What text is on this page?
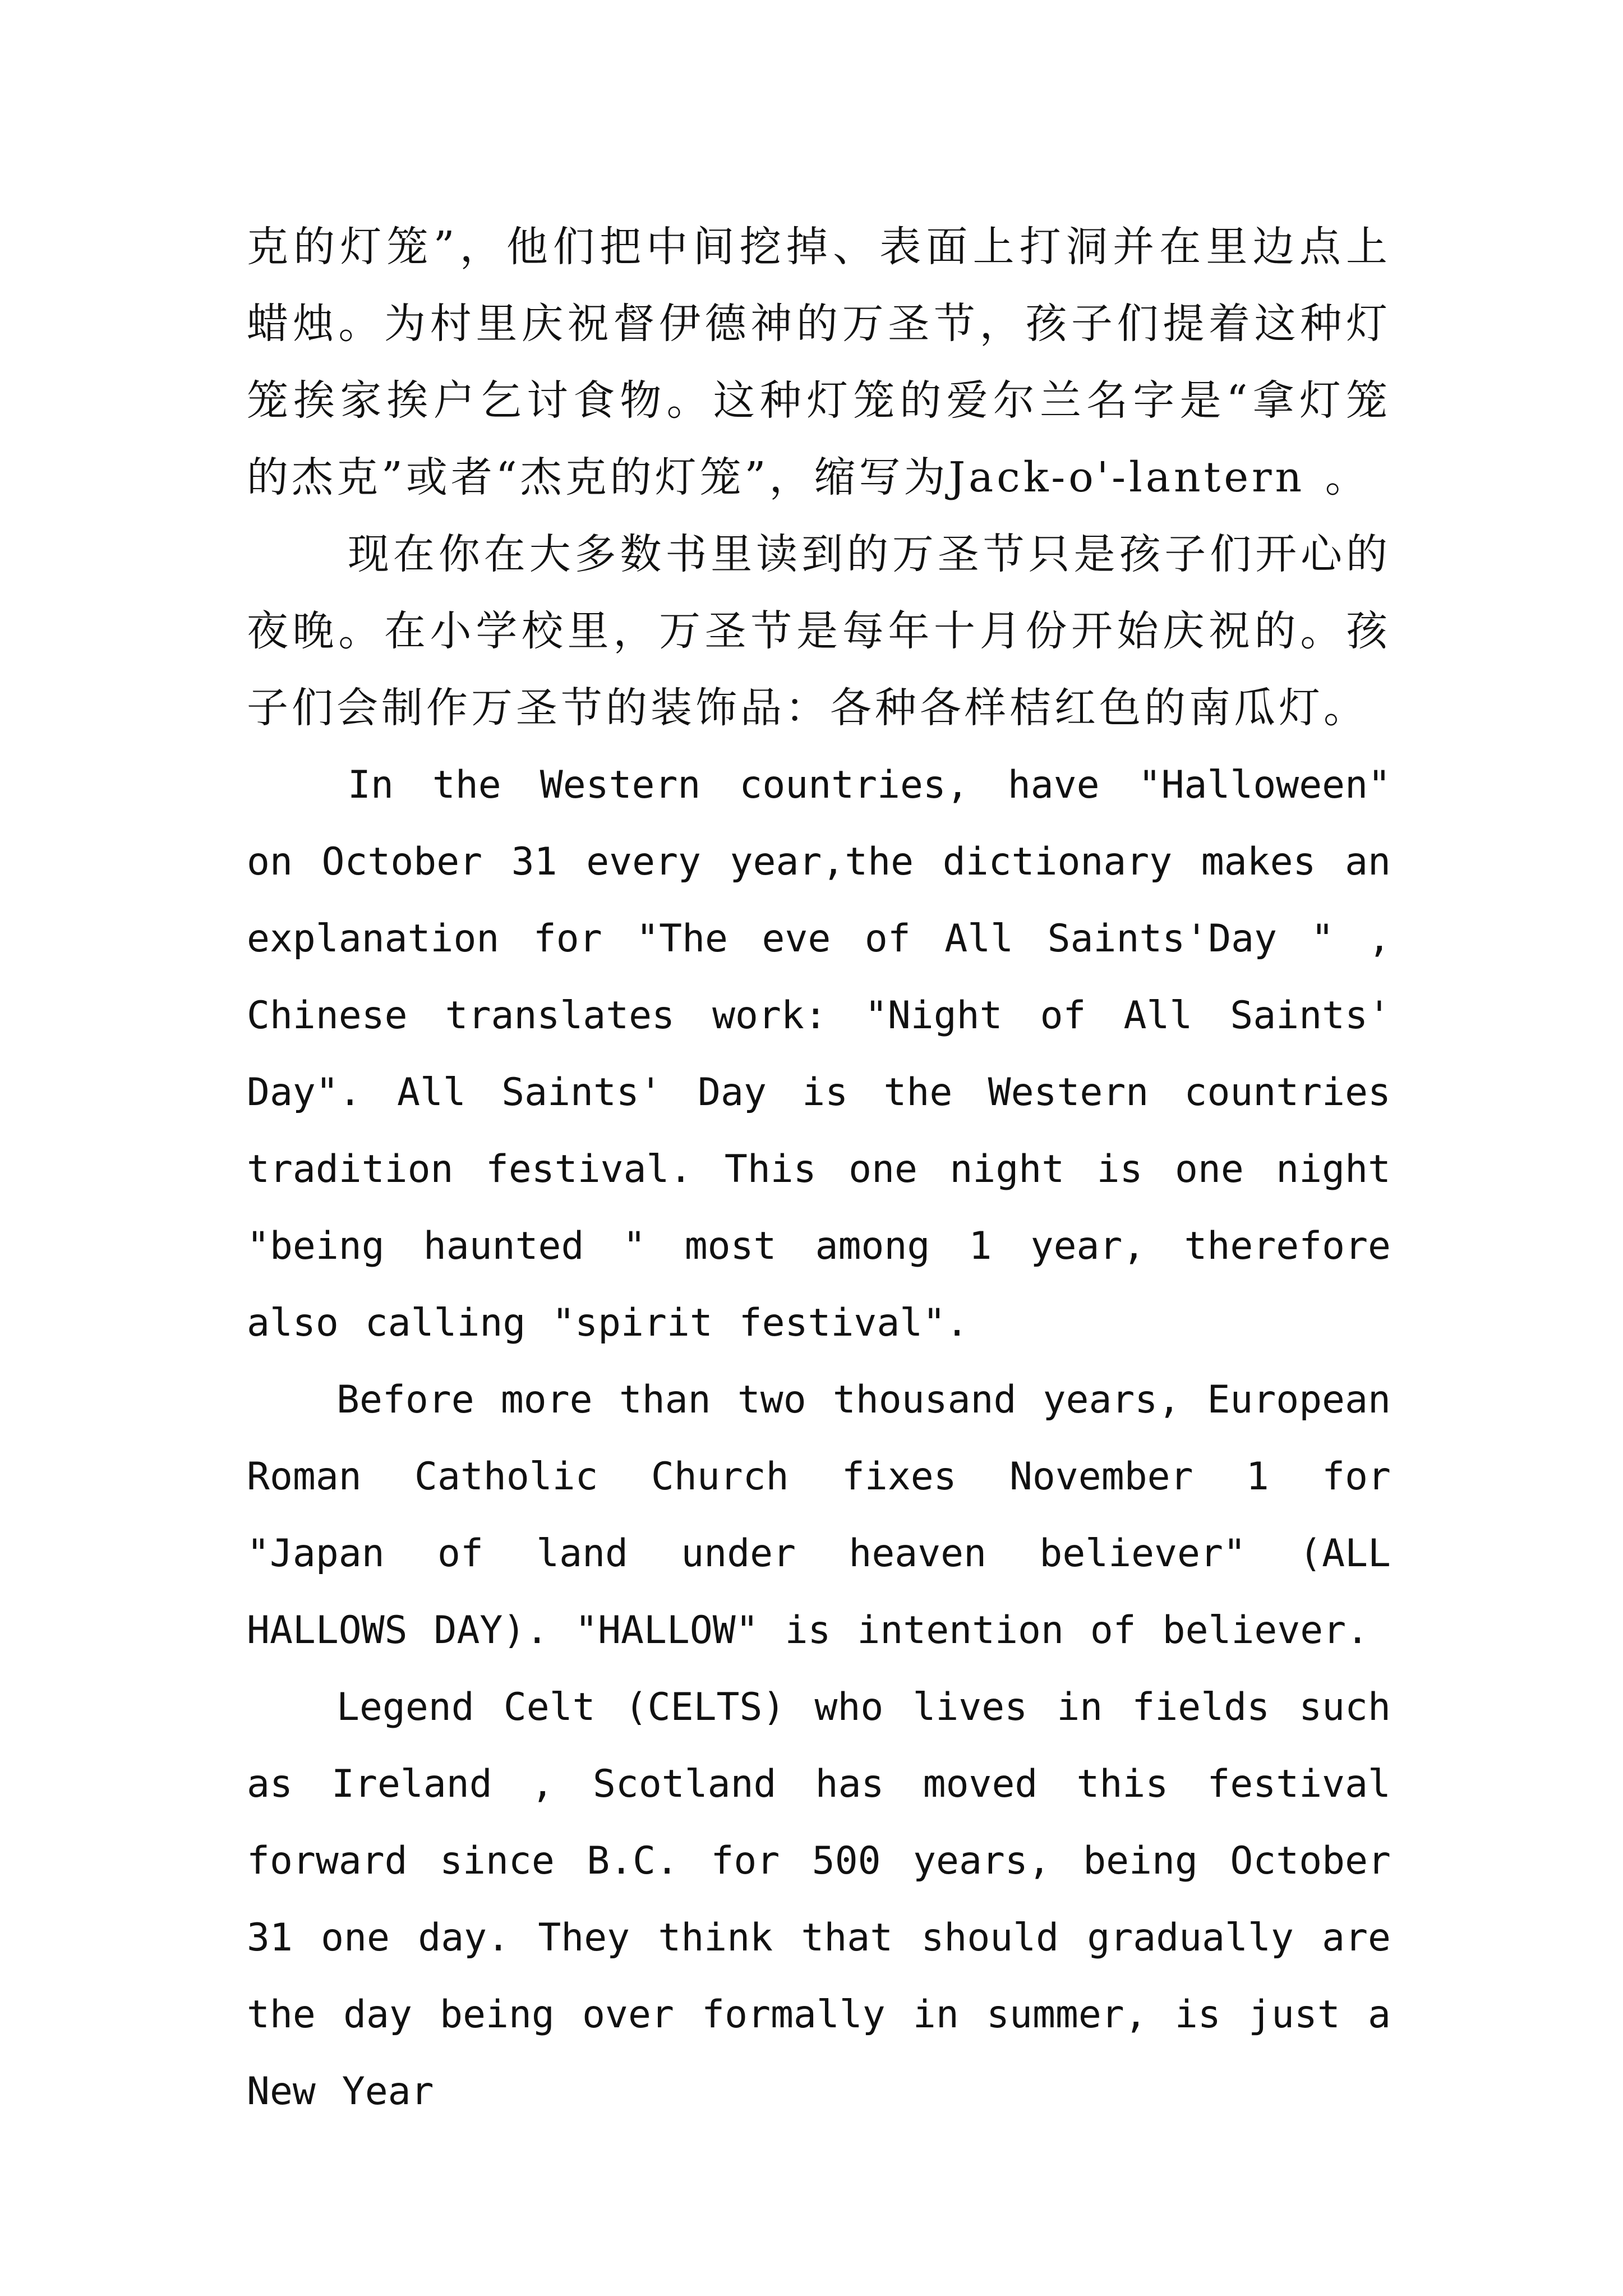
克的灯笼”，他们把中间挖掉、表面上打洞并在里边点上蜡烛。为村里庆祝督伊德神的万圣节，孩子们提着这种灯笼挨家挨户乞讨食物。这种灯笼的爱尔兰名字是“拿灯笼的杰克”或者“杰克的灯笼”，缩写为Jack-o'-lantern 。

现在你在大多数书里读到的万圣节只是孩子们开心的夜晚。在小学校里，万圣节是每年十月份开始庆祝的。孩子们会制作万圣节的装饰品：各种各样桔红色的南瓜灯。

In the Western countries, have "Halloween" on October 31 every year,the dictionary makes an explanation for "The eve of All Saints'Day " , Chinese translates work: "Night of All Saints' Day". All Saints' Day is the Western countries tradition festival. This one night is one night "being haunted " most among 1 year, therefore also calling "spirit festival".

Before more than two thousand years, European Roman Catholic Church fixes November 1 for "Japan of land under heaven believer" (ALL HALLOWS DAY). "HALLOW" is intention of believer.

Legend Celt (CELTS) who lives in fields such as Ireland , Scotland has moved this festival forward since B.C. for 500 years, being October 31 one day. They think that should gradually are the day being over formally in summer, is just a New Year
